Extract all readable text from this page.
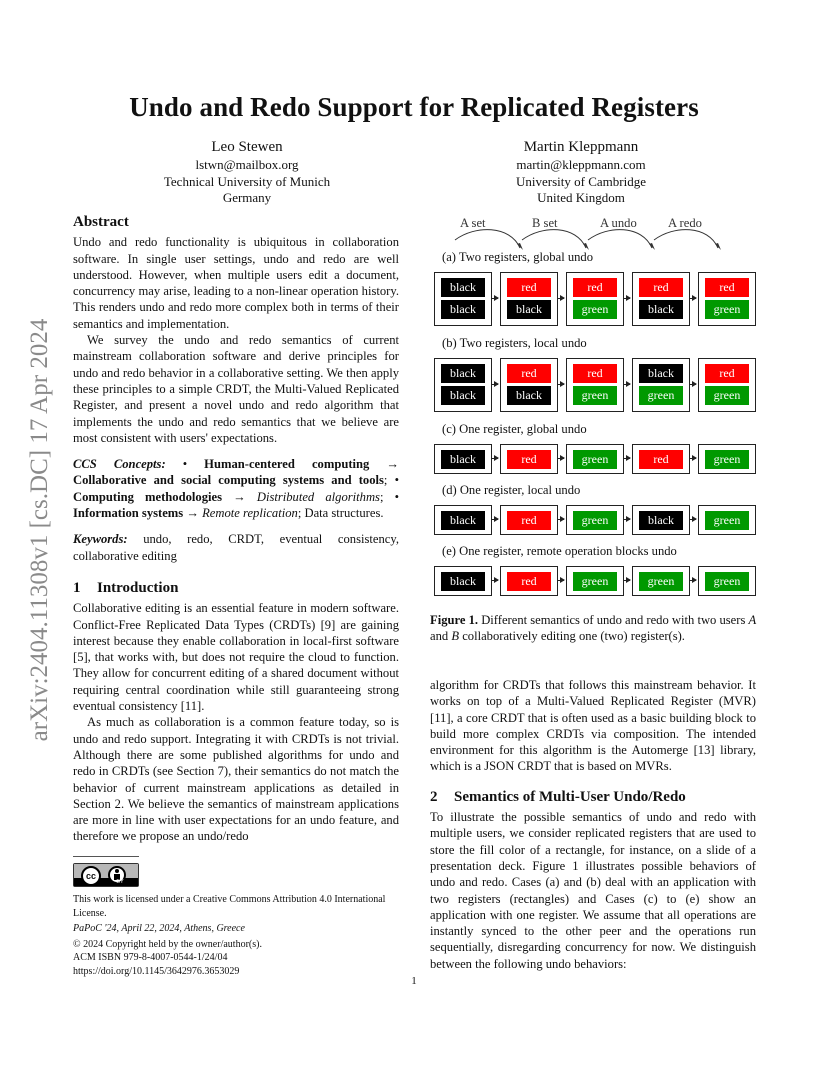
arXiv:2404.11308v1 [cs.DC] 17 Apr 2024
Undo and Redo Support for Replicated Registers
Leo Stewen
lstwn@mailbox.org
Technical University of Munich
Germany
Martin Kleppmann
martin@kleppmann.com
University of Cambridge
United Kingdom
Abstract

Undo and redo functionality is ubiquitous in collaboration software. In single user settings, undo and redo are well understood. However, when multiple users edit a document, concurrency may arise, leading to a non-linear operation history. This renders undo and redo more complex both in terms of their semantics and implementation.

We survey the undo and redo semantics of current mainstream collaboration software and derive principles for undo and redo behavior in a collaborative setting. We then apply these principles to a simple CRDT, the Multi-Valued Replicated Register, and present a novel undo and redo algorithm that implements the undo and redo semantics that we believe are most consistent with users' expectations.

CCS Concepts: • Human-centered computing → Collaborative and social computing systems and tools; • Computing methodologies → Distributed algorithms; • Information systems → Remote replication; Data structures.

Keywords: undo, redo, CRDT, eventual consistency, collaborative editing

1 Introduction

Collaborative editing is an essential feature in modern software. Conflict-Free Replicated Data Types (CRDTs) [9] are gaining interest because they enable collaboration in local-first software [5], that works with, but does not require the cloud to function. They allow for concurrent editing of a shared document without requiring central coordination while still guaranteeing strong eventual consistency [11].

As much as collaboration is a common feature today, so is undo and redo support. Integrating it with CRDTs is not trivial. Although there are some published algorithms for undo and redo in CRDTs (see Section 7), their semantics do not match the behavior of current mainstream applications as detailed in Section 2. We believe the semantics of mainstream applications are more in line with user expectations for an undo feature, and therefore we propose an undo/redo

cc
BY
This work is licensed under a Creative Commons Attribution 4.0 International License.
PaPoC '24, April 22, 2024, Athens, Greece
© 2024 Copyright held by the owner/author(s).
ACM ISBN 979-8-4007-0544-1/24/04
https://doi.org/10.1145/3642976.3653029
A set	B set	A undo A redo
(a) Two registers, global undo
black
black
red
black
red
green
red
black
red
green
(b) Two registers, local undo
black
black
red
black
red
green
black
green
red
green
(c) One register, global undo
black	red	green	red	green
(d) One register, local undo
black	red	green	black	green
(e) One register, remote operation blocks undo
black	red	green	green	green
Figure 1. Different semantics of undo and redo with two users A and B collaboratively editing one (two) register(s).

algorithm for CRDTs that follows this mainstream behavior. It works on top of a Multi-Valued Replicated Register (MVR) [11], a core CRDT that is often used as a basic building block to build more complex CRDTs via composition. The intended environment for this algorithm is the Automerge [13] library, which is a JSON CRDT that is based on MVRs.

2 Semantics of Multi-User Undo/Redo

To illustrate the possible semantics of undo and redo with multiple users, we consider replicated registers that are used to store the fill color of a rectangle, for instance, on a slide of a presentation deck. Figure 1 illustrates possible behaviors of undo and redo. Cases (a) and (b) deal with an application with two registers (rectangles) and Cases (c) to (e) show an application with one register. We assume that all operations are instantly synced to the other peer and the operations run sequentially, disregarding concurrency for now. We distinguish between the following undo behaviors:

1
